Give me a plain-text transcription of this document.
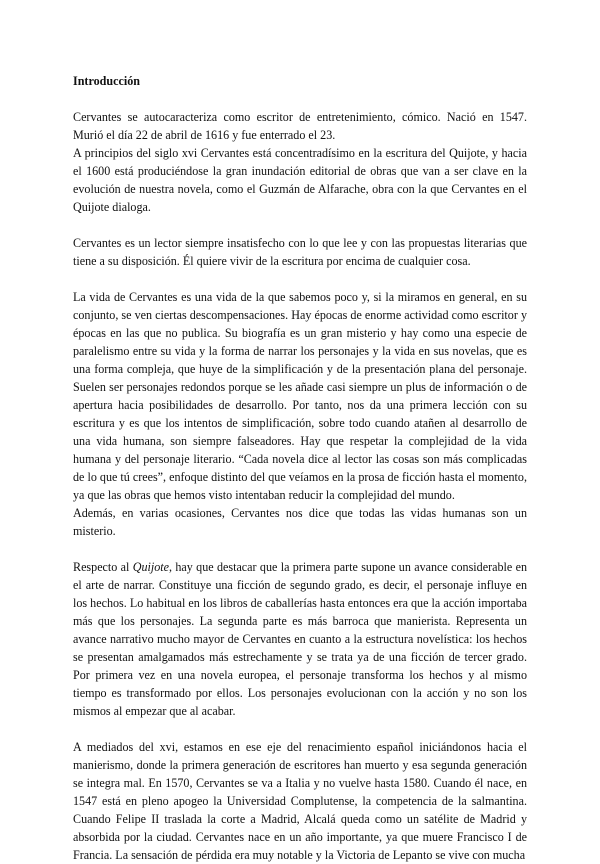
Introducción

Cervantes se autocaracteriza como escritor de entretenimiento, cómico. Nació en 1547. Murió el día 22 de abril de 1616 y fue enterrado el 23.

A principios del siglo xvi Cervantes está concentradísimo en la escritura del Quijote, y hacia el 1600 está produciéndose la gran inundación editorial de obras que van a ser clave en la evolución de nuestra novela, como el Guzmán de Alfarache, obra con la que Cervantes en el Quijote dialoga.

Cervantes es un lector siempre insatisfecho con lo que lee y con las propuestas literarias que tiene a su disposición. Él quiere vivir de la escritura por encima de cualquier cosa.

La vida de Cervantes es una vida de la que sabemos poco y, si la miramos en general, en su conjunto, se ven ciertas descompensaciones. Hay épocas de enorme actividad como escritor y épocas en las que no publica. Su biografía es un gran misterio y hay como una especie de paralelismo entre su vida y la forma de narrar los personajes y la vida en sus novelas, que es una forma compleja, que huye de la simplificación y de la presentación plana del personaje. Suelen ser personajes redondos porque se les añade casi siempre un plus de información o de apertura hacia posibilidades de desarrollo. Por tanto, nos da una primera lección con su escritura y es que los intentos de simplificación, sobre todo cuando atañen al desarrollo de una vida humana, son siempre falseadores. Hay que respetar la complejidad de la vida humana y del personaje literario. “Cada novela dice al lector las cosas son más complicadas de lo que tú crees”, enfoque distinto del que veíamos en la prosa de ficción hasta el momento, ya que las obras que hemos visto intentaban reducir la complejidad del mundo.

Además, en varias ocasiones, Cervantes nos dice que todas las vidas humanas son un misterio.

Respecto al Quijote, hay que destacar que la primera parte supone un avance considerable en el arte de narrar. Constituye una ficción de segundo grado, es decir, el personaje influye en los hechos. Lo habitual en los libros de caballerías hasta entonces era que la acción importaba más que los personajes. La segunda parte es más barroca que manierista. Representa un avance narrativo mucho mayor de Cervantes en cuanto a la estructura novelística: los hechos se presentan amalgamados más estrechamente y se trata ya de una ficción de tercer grado. Por primera vez en una novela europea, el personaje transforma los hechos y al mismo tiempo es transformado por ellos. Los personajes evolucionan con la acción y no son los mismos al empezar que al acabar.

A mediados del xvi, estamos en ese eje del renacimiento español iniciándonos hacia el manierismo, donde la primera generación de escritores han muerto y esa segunda generación se integra mal. En 1570, Cervantes se va a Italia y no vuelve hasta 1580. Cuando él nace, en 1547 está en pleno apogeo la Universidad Complutense, la competencia de la salmantina. Cuando Felipe II traslada la corte a Madrid, Alcalá queda como un satélite de Madrid y absorbida por la ciudad. Cervantes nace en un año importante, ya que muere Francisco I de Francia. La sensación de pérdida era muy notable y la Victoria de Lepanto se vive con mucha
